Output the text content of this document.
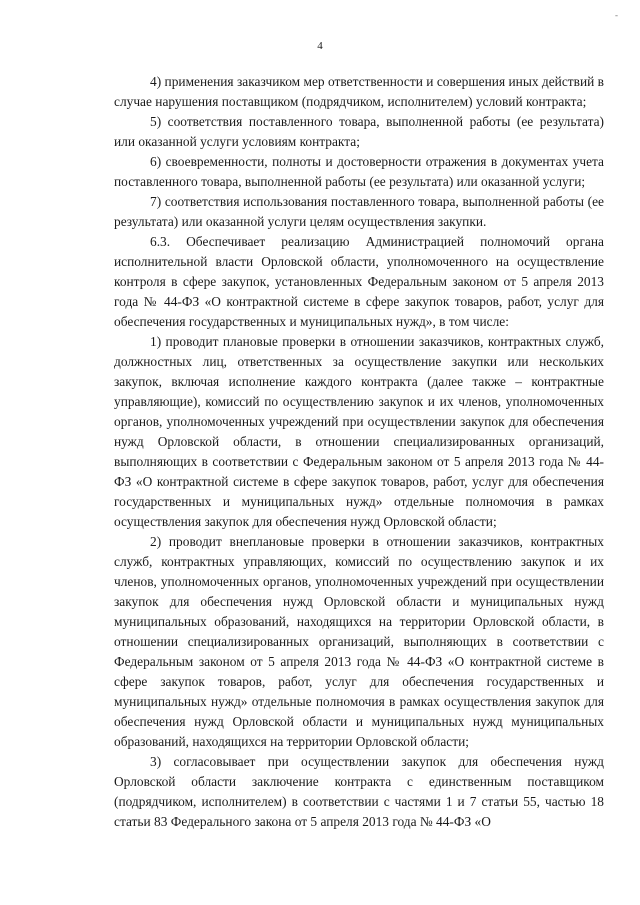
-
4

4) применения заказчиком мер ответственности и совершения иных действий в случае нарушения поставщиком (подрядчиком, исполнителем) условий контракта;

5) соответствия поставленного товара, выполненной работы (ее результата) или оказанной услуги условиям контракта;

6) своевременности, полноты и достоверности отражения в документах учета поставленного товара, выполненной работы (ее результата) или оказанной услуги;

7) соответствия использования поставленного товара, выполненной работы (ее результата) или оказанной услуги целям осуществления закупки.

6.3. Обеспечивает реализацию Администрацией полномочий органа исполнительной власти Орловской области, уполномоченного на осуществление контроля в сфере закупок, установленных Федеральным законом от 5 апреля 2013 года № 44-ФЗ «О контрактной системе в сфере закупок товаров, работ, услуг для обеспечения государственных и муниципальных нужд», в том числе:

1) проводит плановые проверки в отношении заказчиков, контрактных служб, должностных лиц, ответственных за осуществление закупки или нескольких закупок, включая исполнение каждого контракта (далее также – контрактные управляющие), комиссий по осуществлению закупок и их членов, уполномоченных органов, уполномоченных учреждений при осуществлении закупок для обеспечения нужд Орловской области, в отношении специализированных организаций, выполняющих в соответствии с Федеральным законом от 5 апреля 2013 года № 44-ФЗ «О контрактной системе в сфере закупок товаров, работ, услуг для обеспечения государственных и муниципальных нужд» отдельные полномочия в рамках осуществления закупок для обеспечения нужд Орловской области;

2) проводит внеплановые проверки в отношении заказчиков, контрактных служб, контрактных управляющих, комиссий по осуществлению закупок и их членов, уполномоченных органов, уполномоченных учреждений при осуществлении закупок для обеспечения нужд Орловской области и муниципальных нужд муниципальных образований, находящихся на территории Орловской области, в отношении специализированных организаций, выполняющих в соответствии с Федеральным законом от 5 апреля 2013 года № 44-ФЗ «О контрактной системе в сфере закупок товаров, работ, услуг для обеспечения государственных и муниципальных нужд» отдельные полномочия в рамках осуществления закупок для обеспечения нужд Орловской области и муниципальных нужд муниципальных образований, находящихся на территории Орловской области;

3) согласовывает при осуществлении закупок для обеспечения нужд Орловской области заключение контракта с единственным поставщиком (подрядчиком, исполнителем) в соответствии с частями 1 и 7 статьи 55, частью 18 статьи 83 Федерального закона от 5 апреля 2013 года № 44-ФЗ «О
